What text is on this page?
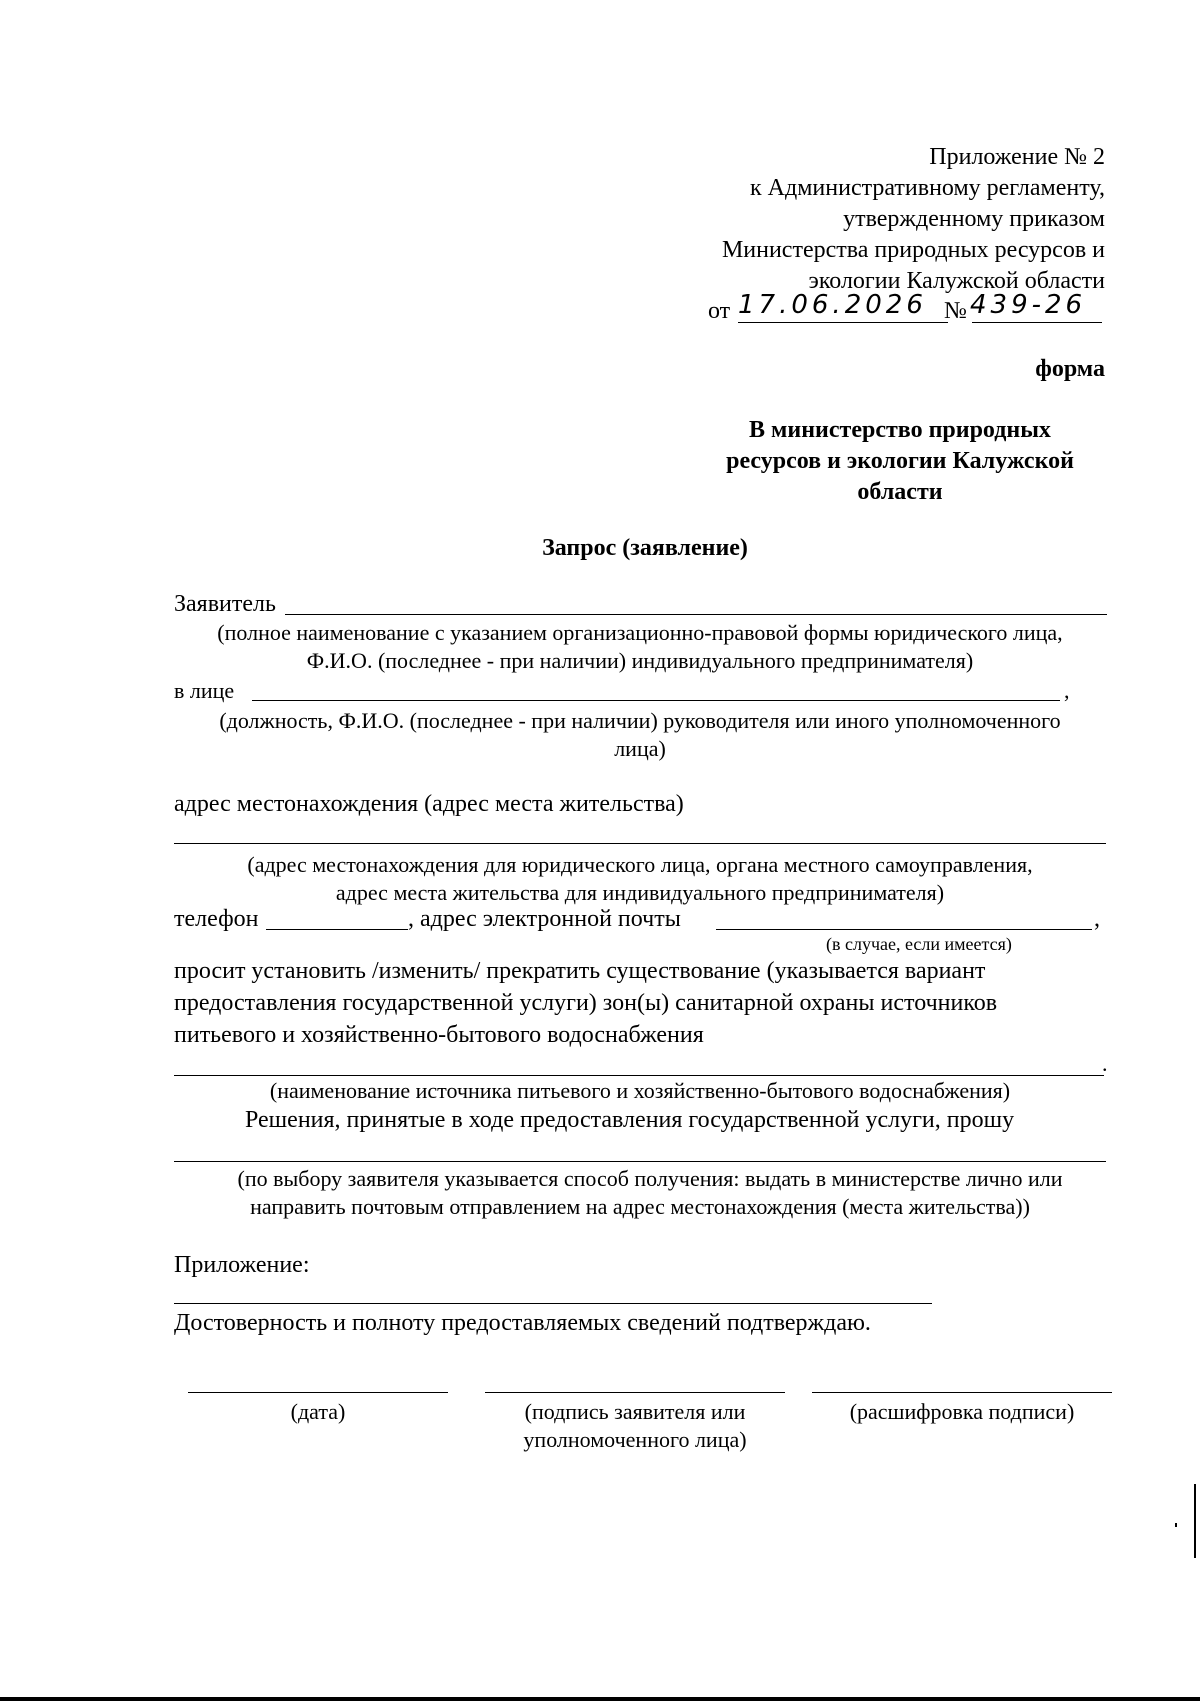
Приложение № 2
к Административному регламенту,
утвержденному приказом
Министерства природных ресурсов и
экологии Калужской области
от 17.06.2026 № 439-26
форма
В министерство природных
ресурсов и экологии Калужской
области
Запрос (заявление)
Заявитель
(полное наименование с указанием организационно-правовой формы юридического лица,
Ф.И.О. (последнее - при наличии) индивидуального предпринимателя)
в лице	,
(должность, Ф.И.О. (последнее - при наличии) руководителя или иного уполномоченного
лица)
адрес местонахождения (адрес места жительства)
(адрес местонахождения для юридического лица, органа местного самоуправления,
адрес места жительства для индивидуального предпринимателя)
телефон	, адрес электронной почты	,
(в случае, если имеется)
просит установить /изменить/ прекратить существование (указывается вариант
предоставления государственной услуги) зон(ы) санитарной охраны источников
питьевого и хозяйственно-бытового водоснабжения
.
(наименование источника питьевого и хозяйственно-бытового водоснабжения)
Решения, принятые в ходе предоставления государственной услуги, прошу
(по выбору заявителя указывается способ получения: выдать в министерстве лично или
направить почтовым отправлением на адрес местонахождения (места жительства))
Приложение:
Достоверность и полноту предоставляемых сведений подтверждаю.
(дата)	(подпись заявителя или
уполномоченного лица)
(расшифровка подписи)
